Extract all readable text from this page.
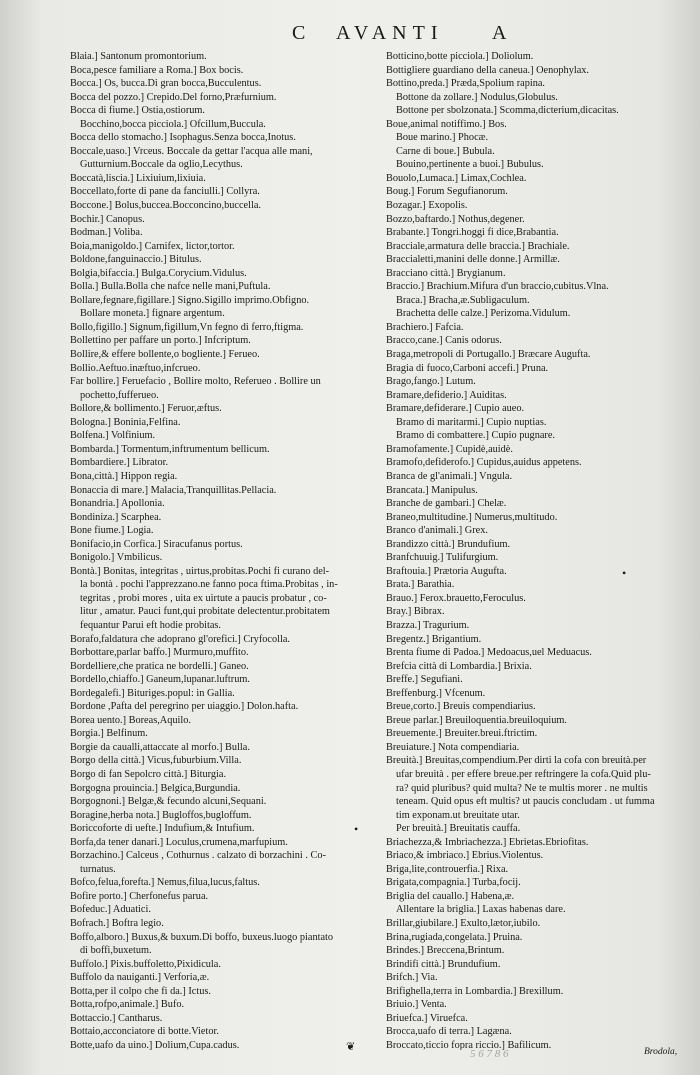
C AVANTI A
Blaia.] Santonum promontorium.
Boca,pesce familiare a Roma.] Box bocis.
Bocca.] Os, bucca.Di gran bocca,Bucculentus.
Bocca del pozzo.] Crepido.Del forno,Præfurnium.
Bocca di fiume.] Ostia,ostiorum.
Bocchino,bocca picciola.] Ofcillum,Buccula.
Bocca dello stomacho.] Isophagus.Senza bocca,Inotus.
Boccale,uaso.] Vrceus. Boccale da gettar l'acqua alle mani,
Gutturnium.Boccale da oglio,Lecythus.
Boccatà,liscia.] Lixiuium,lixiuia.
Boccellato,forte di pane da fanciulli.] Collyra.
Boccone.] Bolus,buccea.Bocconcino,buccella.
Bochir.] Canopus.
Bodman.] Voliba.
Boia,manigoldo.] Carnifex, lictor,tortor.
Boldone,fanguinaccio.] Bitulus.
Bolgia,bifaccia.] Bulga.Corycium.Vidulus.
Bolla.] Bulla.Bolla che nafce nelle mani,Puftula.
Bollare,fegnare,figillare.] Signo.Sigillo imprimo.Obfigno.
Bollare moneta.] fignare argentum.
Bollo,figillo.] Signum,figillum,Vn fegno di ferro,ftigma.
Bollettino per paffare un porto.] Infcriptum.
Bollire,& effere bollente,o bogliente.] Ferueo.
Bollio.Aeftuo.inæftuo,infcrueo.
Far bollire.] Feruefacio , Bollire molto, Referueo . Bollire un
pochetto,fufferueo.
Bollore,& bollimento.] Feruor,æftus.
Bologna.] Boninia,Felfina.
Bolfena.] Volfinium.
Bombarda.] Tormentum,inftrumentum bellicum.
Bombardiere.] Librator.
Bona,città.] Hippon regia.
Bonaccia di mare.] Malacia,Tranquillitas.Pellacia.
Bonandria.] Apollonia.
Bondiniza.] Scarphea.
Bone fiume.] Logia.
Bonifacio,in Corfica.] Siracufanus portus.
Bonigolo.] Vmbilicus.
Bontà.] Bonitas, integritas , uirtus,probitas.Pochi fi curano del-
la bontà . pochi l'apprezzano.ne fanno poca ftima.Probitas , in-
tegritas , probi mores , uita ex uirtute a paucis probatur , co-
litur , amatur. Pauci funt,qui probitate delectentur.probitatem
fequantur Parui eft hodie probitas.
Borafo,faldatura che adoprano gl'orefici.] Cryfocolla.
Borbottare,parlar baffo.] Murmuro,muffito.
Bordelliere,che pratica ne bordelli.] Ganeo.
Bordello,chiaffo.] Ganeum,lupanar.luftrum.
Bordegalefi.] Bituriges.popul: in Gallia.
Bordone ,Pafta del peregrino per uiaggio.] Dolon.hafta.
Borea uento.] Boreas,Aquilo.
Borgia.] Belfinum.
Borgie da caualli,attaccate al morfo.] Bulla.
Borgo della città.] Vicus,fuburbium.Villa.
Borgo di fan Sepolcro città.] Biturgia.
Borgogna prouincia.] Belgica,Burgundia.
Borgognoni.] Belgæ,& fecundo alcuni,Sequani.
Boragine,herba nota.] Bugloffos,bugloffum.
Boriccoforte di uefte.] Indufium,& Intufium.
Borfa,da tener danari.] Loculus,crumena,marfupium.
Borzachino.] Calceus , Cothurnus . calzato di borzachini . Co-
turnatus.
Bofco,felua,forefta.] Nemus,filua,lucus,faltus.
Bofire porto.] Cherfonefus parua.
Bofeduc.] Aduatici.
Bofrach.] Boftra legio.
Boffo,alboro.] Buxus,& buxum.Di boffo, buxeus.luogo piantato
di boffi,buxetum.
Buffolo.] Pixis.buffoletto,Pixidicula.
Buffolo da nauiganti.] Verforia,æ.
Botta,per il colpo che fi da.] Ictus.
Botta,rofpo,animale.] Bufo.
Bottaccio.] Cantharus.
Bottaio,acconciatore di botte.Vietor.
Botte,uafo da uino.] Dolium,Cupa.cadus.
Botticino,botte picciola.] Doliolum.
Bottigliere guardiano della caneua.] Oenophylax.
Bottino,preda.] Præda,Spolium rapina.
Bottone da zollare.] Nodulus,Globulus.
Bottone per sbolzonata.] Scomma,dicterium,dicacitas.
Boue,animal notiffimo.] Bos.
Boue marino.] Phocæ.
Carne di boue.] Bubula.
Bouino,pertinente a buoi.] Bubulus.
Bouolo,Lumaca.] Limax,Cochlea.
Boug.] Forum Segufianorum.
Bozagar.] Exopolis.
Bozzo,baftardo.] Nothus,degener.
Brabante.] Tongri.hoggi fi dice,Brabantia.
Bracciale,armatura delle braccia.] Brachiale.
Braccialetti,manini delle donne.] Armillæ.
Bracciano città.] Brygianum.
Braccio.] Brachium.Mifura d'un braccio,cubitus.Vlna.
Braca.] Bracha,æ.Subligaculum.
Brachetta delle calze.] Perizoma.Vidulum.
Brachiero.] Fafcia.
Bracco,cane.] Canis odorus.
Braga,metropoli di Portugallo.] Bræcare Augufta.
Bragia di fuoco,Carboni accefi.] Pruna.
Brago,fango.] Lutum.
Bramare,defiderio.] Auiditas.
Bramare,defiderare.] Cupio aueo.
Bramo di maritarmi.] Cupio nuptias.
Bramo di combattere.] Cupio pugnare.
Bramofamente.] Cupidè,auidè.
Bramofo,defiderofo.] Cupidus,auidus appetens.
Branca de gl'animali.] Vngula.
Brancata.] Manipulus.
Branche de gambari.] Chelæ.
Braneo,multitudine.] Numerus,multitudo.
Branco d'animali.] Grex.
Brandizzo città.] Brundufium.
Branfchuuig.] Tulifurgium.
Braftouia.] Prætoria Augufta.
Brata.] Barathia.
Brauo.] Ferox.brauetto,Feroculus.
Bray.] Bibrax.
Brazza.] Tragurium.
Bregentz.] Brigantium.
Brenta fiume di Padoa.] Medoacus,uel Meduacus.
Brefcia città di Lombardia.] Brixia.
Breffe.] Segufiani.
Breffenburg.] Vfcenum.
Breue,corto.] Breuis compendiarius.
Breue parlar.] Breuiloquentia.breuiloquium.
Breuemente.] Breuiter.breui.ftrictim.
Breuiature.] Nota compendiaria.
Breuità.] Breuitas,compendium.Per dirti la cofa con breuità.per
ufar breuità . per effere breue.per reftringere la cofa.Quid plu-
ra? quid pluribus? quid multa? Ne te multis morer . ne multis
teneam. Quid opus eft multis? ut paucis concludam . ut fumma
tim exponam.ut breuitate utar.
Per breuità.] Breuitatis cauffa.
Briachezza,& Imbriachezza.] Ebrietas.Ebriofitas.
Briaco,& imbriaco.] Ebrius.Violentus.
Briga,lite,controuerfia.] Rixa.
Brigata,compagnia.] Turba,focij.
Briglia del cauallo.] Habena,æ.
Allentare la briglia.] Laxas habenas dare.
Brillar,giubilare.] Exulto,lætor,iubilo.
Brina,rugiada,congelata.] Pruina.
Brindes.] Breccena,Brintum.
Brindifi città.] Brundufium.
Brifch.] Via.
Brifighella,terra in Lombardia.] Brexillum.
Briuio.] Venta.
Briuefca.] Viruefca.
Brocca,uafo di terra.] Lagæna.
Broccato,ticcio fopra riccio.] Bafilicum.
•
•
❦
5 6 7 8 6	Brodola,
